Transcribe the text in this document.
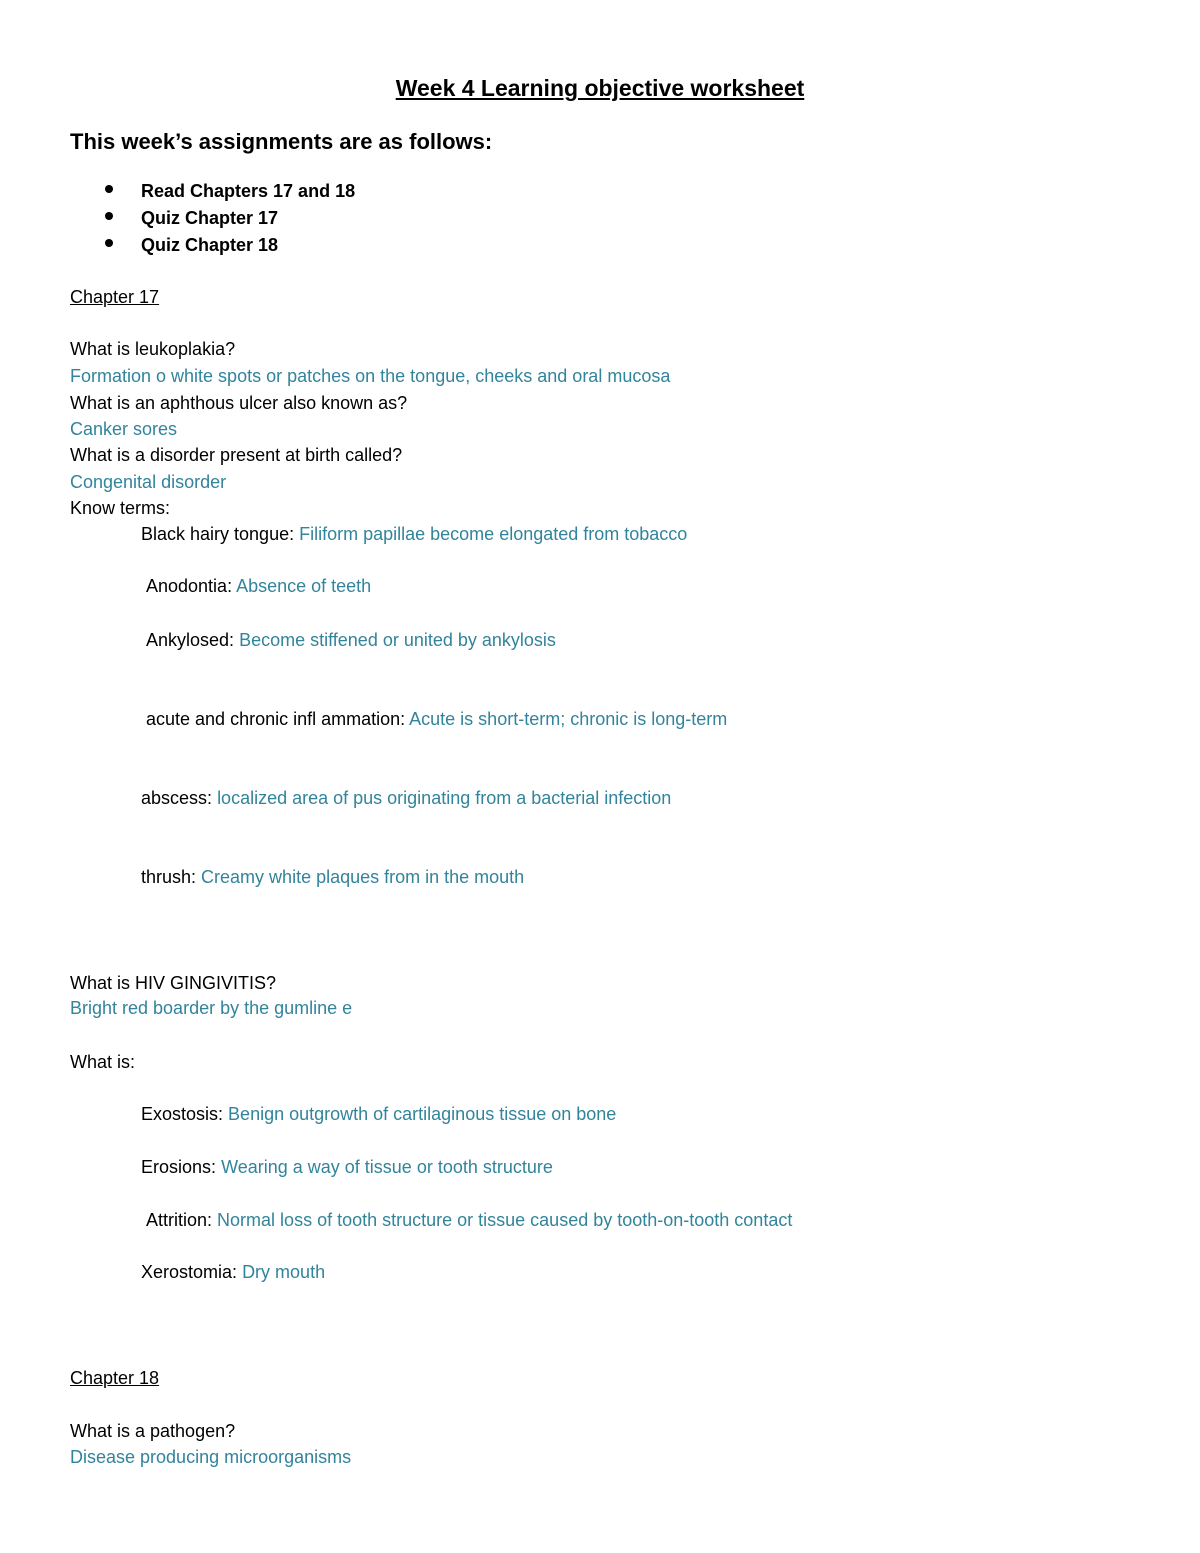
Week 4 Learning objective worksheet
This week’s assignments are as follows:
Read Chapters 17 and 18
Quiz Chapter 17
Quiz Chapter 18
Chapter 17
What is leukoplakia?
Formation o white spots or patches on the tongue, cheeks and oral mucosa
What is an aphthous ulcer also known as?
Canker sores
What is a disorder present at birth called?
Congenital disorder
Know terms:
Black hairy tongue: Filiform papillae become elongated from tobacco
Anodontia: Absence of teeth
Ankylosed: Become stiffened or united by ankylosis
acute and chronic infl ammation: Acute is short-term; chronic is long-term
abscess: localized area of pus originating from a bacterial infection
thrush: Creamy white plaques from in the mouth
What is HIV GINGIVITIS?
Bright red boarder by the gumline e
What is:
Exostosis: Benign outgrowth of cartilaginous tissue on bone
Erosions: Wearing a way of tissue or tooth structure
Attrition: Normal loss of tooth structure or tissue caused by tooth-on-tooth contact
Xerostomia: Dry mouth
Chapter 18
What is a pathogen?
Disease producing microorganisms
